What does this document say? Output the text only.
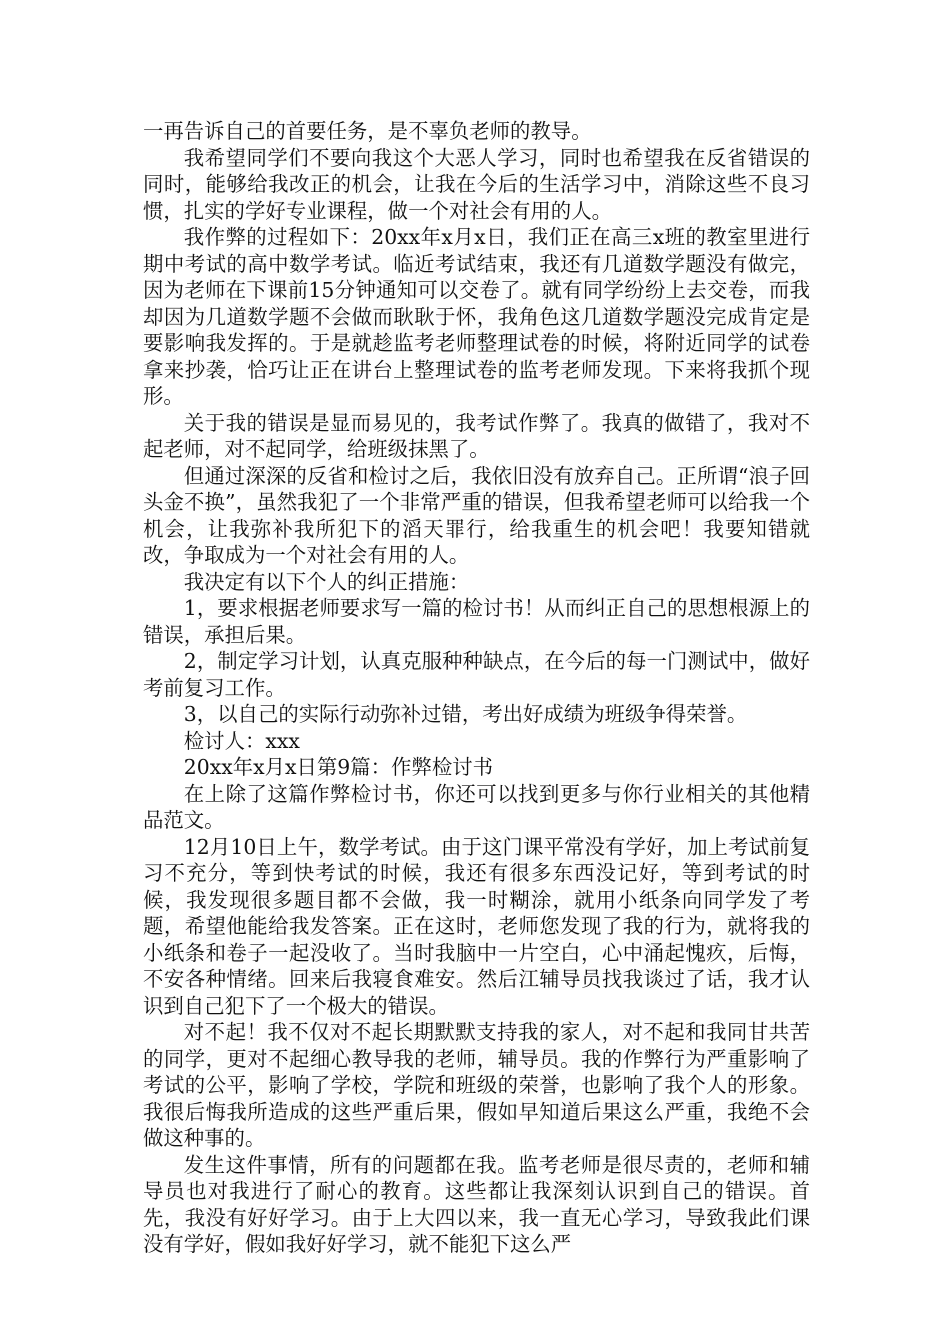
一再告诉自己的首要任务，是不辜负老师的教导。

我希望同学们不要向我这个大恶人学习，同时也希望我在反省错误的同时，能够给我改正的机会，让我在今后的生活学习中，消除这些不良习惯，扎实的学好专业课程，做一个对社会有用的人。

我作弊的过程如下：20xx年x月x日，我们正在高三x班的教室里进行期中考试的高中数学考试。临近考试结束，我还有几道数学题没有做完，因为老师在下课前15分钟通知可以交卷了。就有同学纷纷上去交卷，而我却因为几道数学题不会做而耿耿于怀，我角色这几道数学题没完成肯定是要影响我发挥的。于是就趁监考老师整理试卷的时候，将附近同学的试卷拿来抄袭，恰巧让正在讲台上整理试卷的监考老师发现。下来将我抓个现形。

关于我的错误是显而易见的，我考试作弊了。我真的做错了，我对不起老师，对不起同学，给班级抹黑了。

但通过深深的反省和检讨之后，我依旧没有放弃自己。正所谓“浪子回头金不换”，虽然我犯了一个非常严重的错误，但我希望老师可以给我一个机会，让我弥补我所犯下的滔天罪行，给我重生的机会吧！我要知错就改，争取成为一个对社会有用的人。

我决定有以下个人的纠正措施：

1，要求根据老师要求写一篇的检讨书！从而纠正自己的思想根源上的错误，承担后果。

2，制定学习计划，认真克服种种缺点，在今后的每一门测试中，做好考前复习工作。

3，以自己的实际行动弥补过错，考出好成绩为班级争得荣誉。

检讨人：xxx

20xx年x月x日第9篇：作弊检讨书

在上除了这篇作弊检讨书，你还可以找到更多与你行业相关的其他精品范文。

12月10日上午，数学考试。由于这门课平常没有学好，加上考试前复习不充分，等到快考试的时候，我还有很多东西没记好，等到考试的时候，我发现很多题目都不会做，我一时糊涂，就用小纸条向同学发了考题，希望他能给我发答案。正在这时，老师您发现了我的行为，就将我的小纸条和卷子一起没收了。当时我脑中一片空白，心中涌起愧疚，后悔，不安各种情绪。回来后我寝食难安。然后江辅导员找我谈过了话，我才认识到自己犯下了一个极大的错误。

对不起！我不仅对不起长期默默支持我的家人，对不起和我同甘共苦的同学，更对不起细心教导我的老师，辅导员。我的作弊行为严重影响了考试的公平，影响了学校，学院和班级的荣誉，也影响了我个人的形象。我很后悔我所造成的这些严重后果，假如早知道后果这么严重，我绝不会做这种事的。

发生这件事情，所有的问题都在我。监考老师是很尽责的，老师和辅导员也对我进行了耐心的教育。这些都让我深刻认识到自己的错误。首先，我没有好好学习。由于上大四以来，我一直无心学习，导致我此们课没有学好，假如我好好学习，就不能犯下这么严
